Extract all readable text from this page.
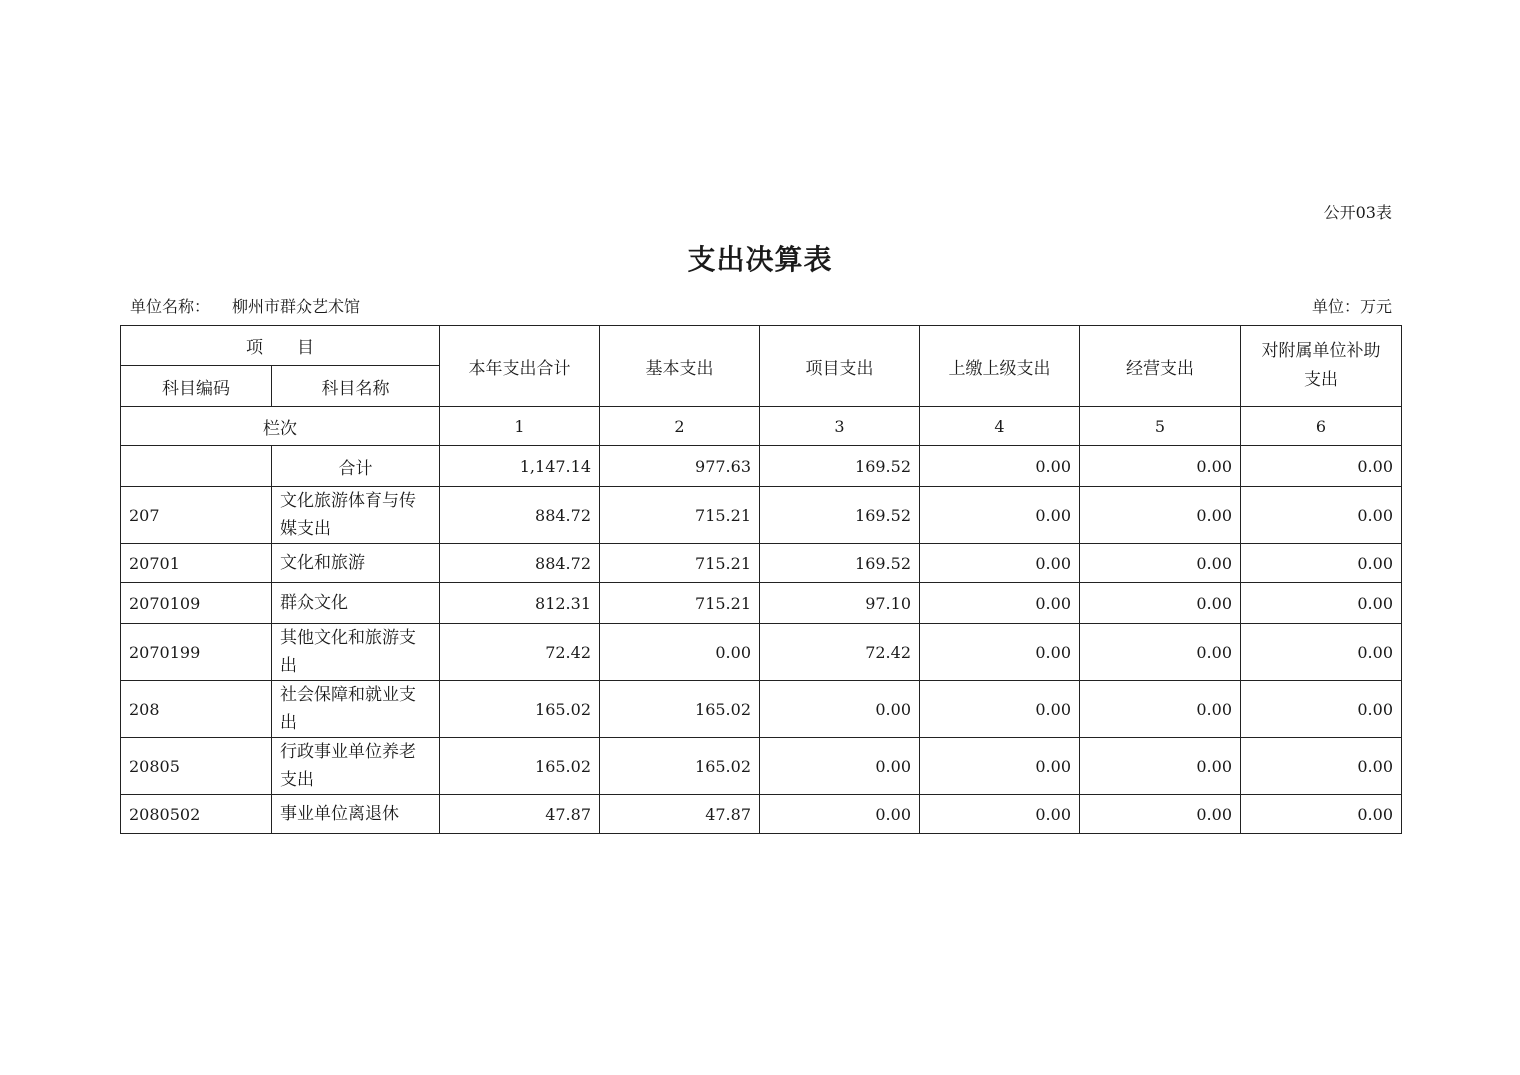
公开03表
支出决算表
单位名称： 柳州市群众艺术馆	单位：万元
项　　目		本年支出合计	基本支出	项目支出	上缴上级支出	经营支出	对附属单位补助支出
科目编码	科目名称						
栏次		1	2	3	4	5	6
	合计	1,147.14	977.63	169.52	0.00	0.00	0.00
207	文化旅游体育与传媒支出	884.72	715.21	169.52	0.00	0.00	0.00
20701	文化和旅游	884.72	715.21	169.52	0.00	0.00	0.00
2070109	群众文化	812.31	715.21	97.10	0.00	0.00	0.00
2070199	其他文化和旅游支出	72.42	0.00	72.42	0.00	0.00	0.00
208	社会保障和就业支出	165.02	165.02	0.00	0.00	0.00	0.00
20805	行政事业单位养老支出	165.02	165.02	0.00	0.00	0.00	0.00
2080502	事业单位离退休	47.87	47.87	0.00	0.00	0.00	0.00
